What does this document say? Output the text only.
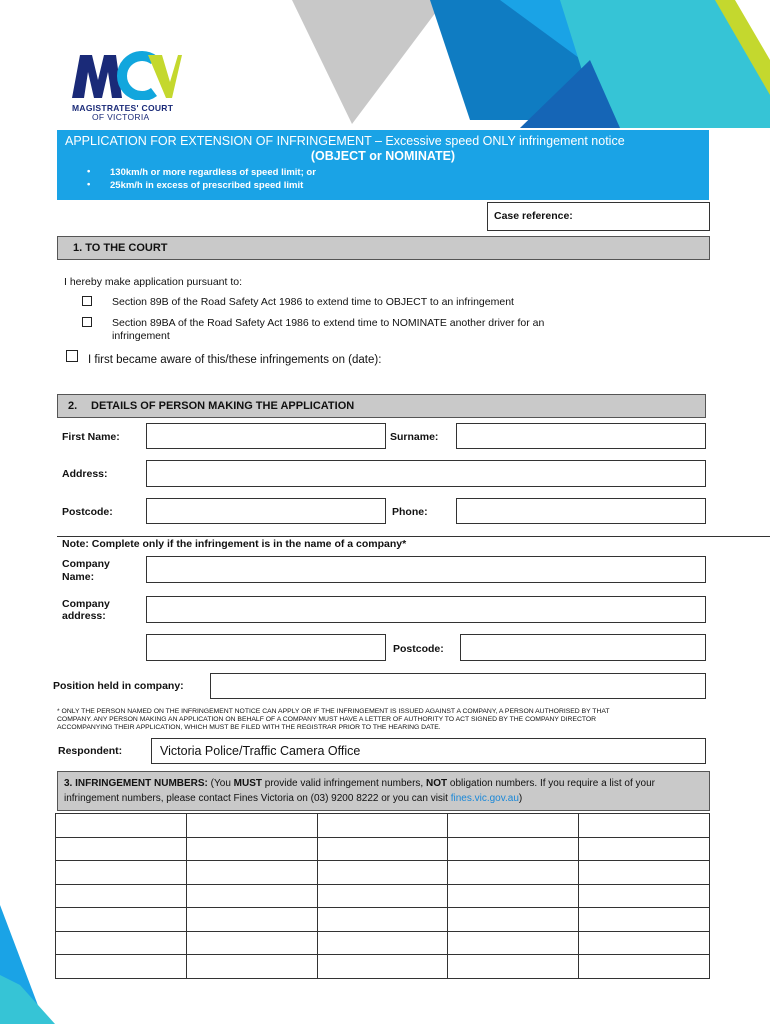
MAGISTRATES' COURT
OF VICTORIA
APPLICATION FOR EXTENSION OF INFRINGEMENT – Excessive speed ONLY infringement notice
(OBJECT or NOMINATE)
• 130km/h or more regardless of speed limit; or
• 25km/h in excess of prescribed speed limit
Case reference:
1. TO THE COURT
I hereby make application pursuant to:
Section 89B of the Road Safety Act 1986 to extend time to OBJECT to an infringement
Section 89BA of the Road Safety Act 1986 to extend time to NOMINATE another driver for an
infringement
I first became aware of this/these infringements on (date):
2. DETAILS OF PERSON MAKING THE APPLICATION
First Name:	Surname:
Address:
Postcode:	Phone:
Note: Complete only if the infringement is in the name of a company*
Company
Name:
Company
address:
Postcode:
Position held in company:
* ONLY THE PERSON NAMED ON THE INFRINGEMENT NOTICE CAN APPLY OR IF THE INFRINGEMENT IS ISSUED AGAINST A COMPANY, A PERSON AUTHORISED BY THAT
COMPANY. ANY PERSON MAKING AN APPLICATION ON BEHALF OF A COMPANY MUST HAVE A LETTER OF AUTHORITY TO ACT SIGNED BY THE COMPANY DIRECTOR
ACCOMPANYING THEIR APPLICATION, WHICH MUST BE FILED WITH THE REGISTRAR PRIOR TO THE HEARING DATE.
Respondent:	Victoria Police/Traffic Camera Office
3. INFRINGEMENT NUMBERS: (You MUST provide valid infringement numbers, NOT obligation numbers. If you require a list of your
infringement numbers, please contact Fines Victoria on (03) 9200 8222 or you can visit fines.vic.gov.au)
